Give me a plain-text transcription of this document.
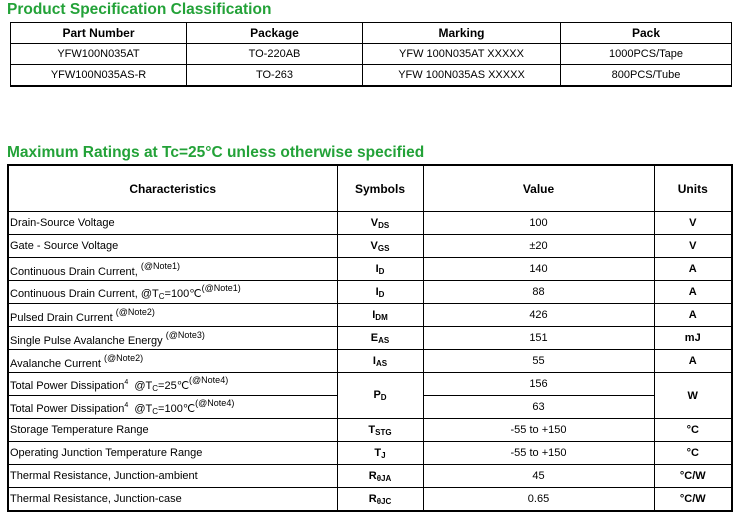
Product Specification Classification
Part Number	Package	Marking	Pack
YFW100N035AT	TO-220AB	YFW 100N035AT XXXXX	1000PCS/Tape
YFW100N035AS-R	TO-263	YFW 100N035AS XXXXX	800PCS/Tube
Maximum Ratings at Tc=25°C unless otherwise specified
Characteristics	Symbols	Value	Units
Drain-Source Voltage	$V_{DS}$	100	V
Gate - Source Voltage	$V_{GS}$	±20	V
Continuous Drain Current, $^{(@Note1)}$	$I_D$	140	A
Continuous Drain Current, @TC=100℃$^{(@Note1)}$	$I_D$	88	A
Pulsed Drain Current $^{(@Note2)}$	$I_{DM}$	426	A
Single Pulse Avalanche Energy $^{(@Note3)}$	$E_{AS}$	151	mJ
Avalanche Current $^{(@Note2)}$	$I_{AS}$	55	A
Total Power Dissipation$^4$  @TC=25℃$^{(@Note4)}$	$P_D$	156	W
Total Power Dissipation$^4$  @TC=100℃$^{(@Note4)}$		63	
Storage Temperature Range	$T_{STG}$	-55 to +150	°C
Operating Junction Temperature Range	$T_J$	-55 to +150	°C
Thermal Resistance, Junction-ambient	$R_{\theta JA}$	45	°C/W
Thermal Resistance, Junction-case	$R_{\theta JC}$	0.65	°C/W
